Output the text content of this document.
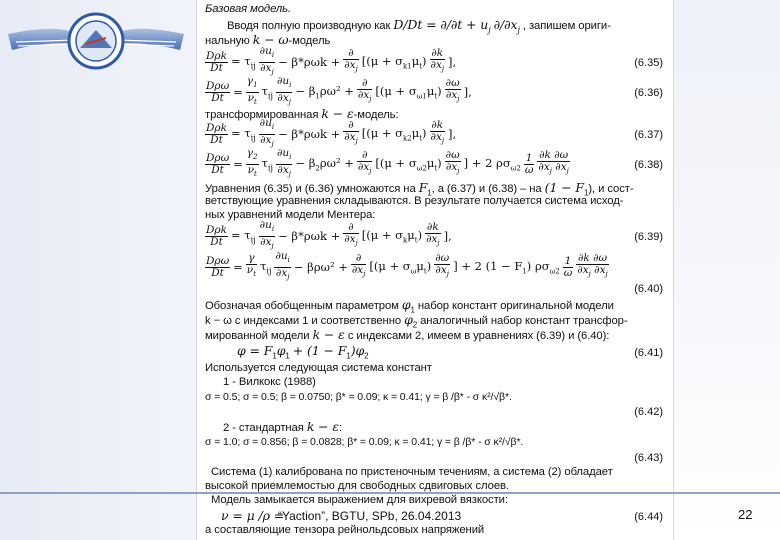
Базовая модель.
Вводя полную производную как $D/Dt = \partial/\partial t + u_j$ $\partial/\partial x_j$ , запишем ориги-
нальную k − ω-модель
$\frac{\text{Dρk}}{Dt} = \tau_{ij} \frac{\partial u_i}{\partial x_j} - \beta*\rho\omega k + \frac{\partial}{\partial x_j} [(\mu + \sigma_{k1}\mu_t) \frac{\partial k}{\partial x_j}$ ],	(6.35)
$\frac{\text{Dρω}}{Dt} = \frac{\gamma_1}{\nu_t} \tau_{ij} \frac{\partial u_i}{\partial x_j} - \beta_1\rho\omega^2 + \frac{\partial}{\partial x_j} [(\mu + \sigma_{\omega 1}\mu_t) \frac{\partial\omega}{\partial x_j}$ ],	(6.36)
трансформированная k − ε-модель:
$\frac{\text{Dρk}}{Dt} = \tau_{ij} \frac{\partial u_i}{\partial x_j} - \beta*\rho\omega k + \frac{\partial}{\partial x_j} [(\mu + \sigma_{k2}\mu_t) \frac{\partial k}{\partial x_j}$ ],	(6.37)
$\frac{\text{Dρω}}{Dt} = \frac{\gamma_2}{\nu_t} \tau_{ij} \frac{\partial u_i}{\partial x_j} - \beta_2\rho\omega^2 + \frac{\partial}{\partial x_j} [(\mu + \sigma_{\omega 2}\mu_t) \frac{\partial\omega}{\partial x_j}$ ] + 2 $\rho\sigma_{\omega 2} \frac{1}{\omega} \frac{\partial k \partial\omega}{\partial x_j \partial x_j}$	(6.38)
Уравнения (6.35) и (6.36) умножаются на $F_1$, а (6.37) и (6.38) – на $(1 - F_1)$, и сост-
ветствующие уравнения складываются. В результате получается система исход-
ных уравнений модели Ментера:
$\frac{\text{Dρk}}{Dt} = \tau_{ij} \frac{\partial u_i}{\partial x_j} - \beta*\rho\omega k + \frac{\partial}{\partial x_j} [(\mu + \sigma_k\mu_t) \frac{\partial k}{\partial x_j}$ ],	(6.39)
$\frac{\text{Dρω}}{Dt} = \frac{\gamma}{\nu_t} \tau_{ij} \frac{\partial u_i}{\partial x_j} - \beta\rho\omega^2 + \frac{\partial}{\partial x_j} [(\mu + \sigma_\omega\mu_t) \frac{\partial\omega}{\partial x_j}$ ] + 2 $(1 - F_1)$ $\rho\sigma_{\omega 2} \frac{1}{\omega} \frac{\partial k \partial\omega}{\partial x_j \partial x_j}$
(6.40)
Обозначая обобщенным параметром $\varphi_1$ набор констант оригинальной модели
k − ω с индексами 1 и соответственно $\varphi_2$ аналогичный набор констант трансфор-
мированной модели k − ε с индексами 2, имеем в уравнениях (6.39) и (6.40):
$\varphi = F_1\varphi_1 + (1 - F_1)\varphi_2$	(6.41)
Используется следующая система констант
1 - Вилкокс (1988)
σ = 0.5; σ = 0.5; β = 0.0750; β* = 0.09; κ = 0.41; γ = β /β* - σ κ²/√β*.
(6.42)
2 - стандартная k − ε:
σ = 1.0; σ = 0.856; β = 0.0828; β* = 0.09; κ = 0.41; γ = β /β* - σ κ²/√β*.
(6.43)
Система (1) калибрована по пристеночным течениям, а система (2) обладает
высокой приемлемостью для свободных сдвиговых слоев.
Модель замыкается выражением для вихревой вязкости:
ν = μ /ρ =	(6.44)
а составляющие тензора рейнольдсовых напряжений
“Yaction”, BGTU, SPb, 26.04.2013	22
